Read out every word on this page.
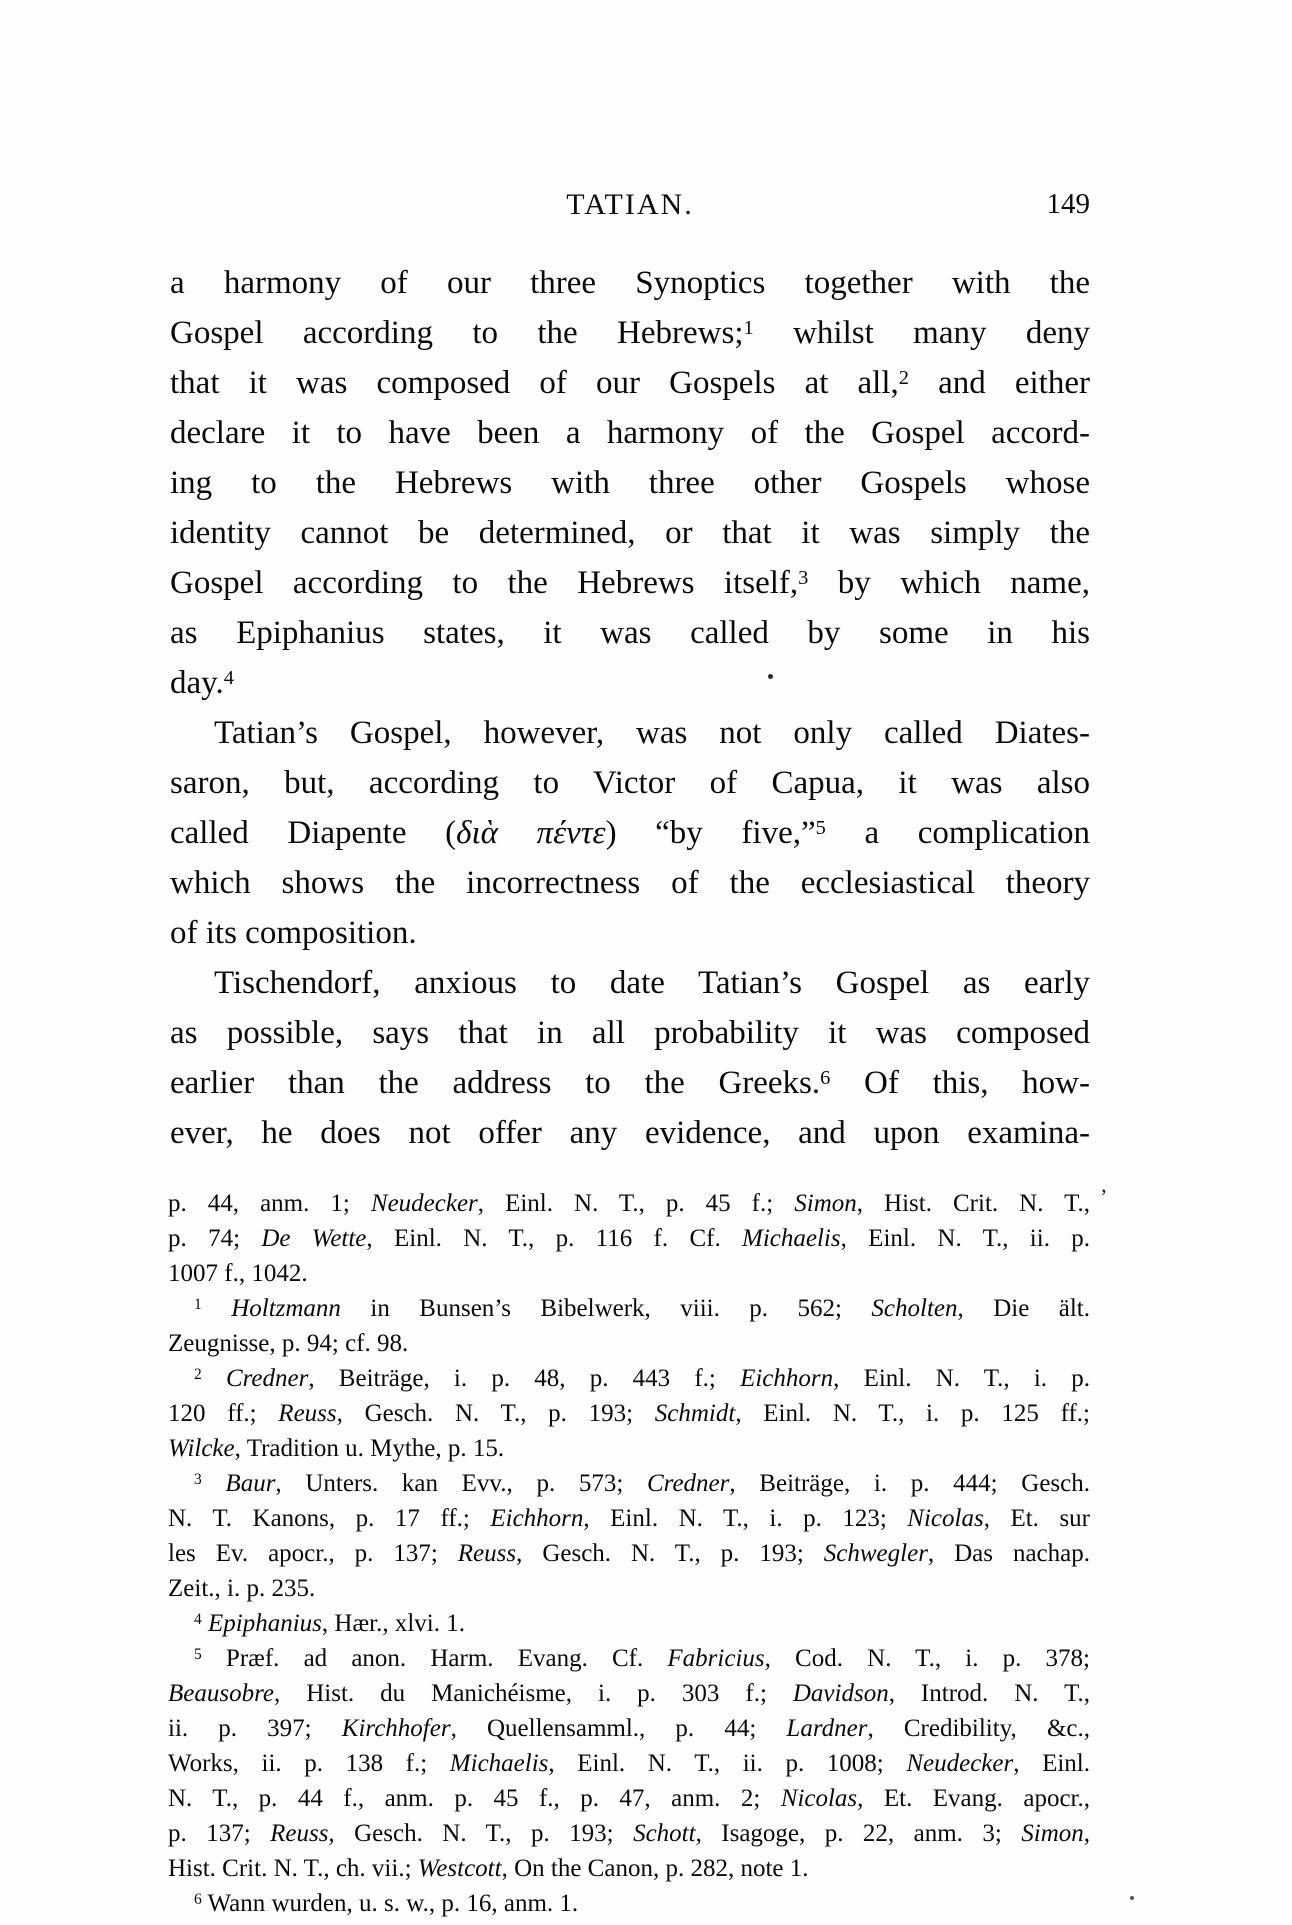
TATIAN.	149
a harmony of our three Synoptics together with the
Gospel according to the Hebrews;$^1$ whilst many deny
that it was composed of our Gospels at all,$^2$ and either
declare it to have been a harmony of the Gospel accord-
ing to the Hebrews with three other Gospels whose
identity cannot be determined, or that it was simply the
Gospel according to the Hebrews itself,$^3$ by which name,
as Epiphanius states, it was called by some in his
day.$^4$
Tatian’s Gospel, however, was not only called Diates-
saron, but, according to Victor of Capua, it was also
called Diapente (διὰ πέντε) “by five,”$^5$ a complication
which shows the incorrectness of the ecclesiastical theory
of its composition.
Tischendorf, anxious to date Tatian’s Gospel as early
as possible, says that in all probability it was composed
earlier than the address to the Greeks.$^6$ Of this, how-
ever, he does not offer any evidence, and upon examina-
p. 44, anm. 1; Neudecker, Einl. N. T., p. 45 f.; Simon, Hist. Crit. N. T.,
p. 74; De Wette, Einl. N. T., p. 116 f. Cf. Michaelis, Einl. N. T., ii. p.
1007 f., 1042.
$^1$ Holtzmann in Bunsen’s Bibelwerk, viii. p. 562; Scholten, Die ält.
Zeugnisse, p. 94; cf. 98.
$^2$ Credner, Beiträge, i. p. 48, p. 443 f.; Eichhorn, Einl. N. T., i. p.
120 ff.; Reuss, Gesch. N. T., p. 193; Schmidt, Einl. N. T., i. p. 125 ff.;
Wilcke, Tradition u. Mythe, p. 15.
$^3$ Baur, Unters. kan Evv., p. 573; Credner, Beiträge, i. p. 444; Gesch.
N. T. Kanons, p. 17 ff.; Eichhorn, Einl. N. T., i. p. 123; Nicolas, Et. sur
les Ev. apocr., p. 137; Reuss, Gesch. N. T., p. 193; Schwegler, Das nachap.
Zeit., i. p. 235.
$^4$ Epiphanius, Hær., xlvi. 1.
$^5$ Præf. ad anon. Harm. Evang. Cf. Fabricius, Cod. N. T., i. p. 378;
Beausobre, Hist. du Manichéisme, i. p. 303 f.; Davidson, Introd. N. T.,
ii. p. 397; Kirchhofer, Quellensamml., p. 44; Lardner, Credibility, &c.,
Works, ii. p. 138 f.; Michaelis, Einl. N. T., ii. p. 1008; Neudecker, Einl.
N. T., p. 44 f., anm. p. 45 f., p. 47, anm. 2; Nicolas, Et. Evang. apocr.,
p. 137; Reuss, Gesch. N. T., p. 193; Schott, Isagoge, p. 22, anm. 3; Simon,
Hist. Crit. N. T., ch. vii.; Westcott, On the Canon, p. 282, note 1.
$^6$ Wann wurden, u. s. w., p. 16, anm. 1.
’
